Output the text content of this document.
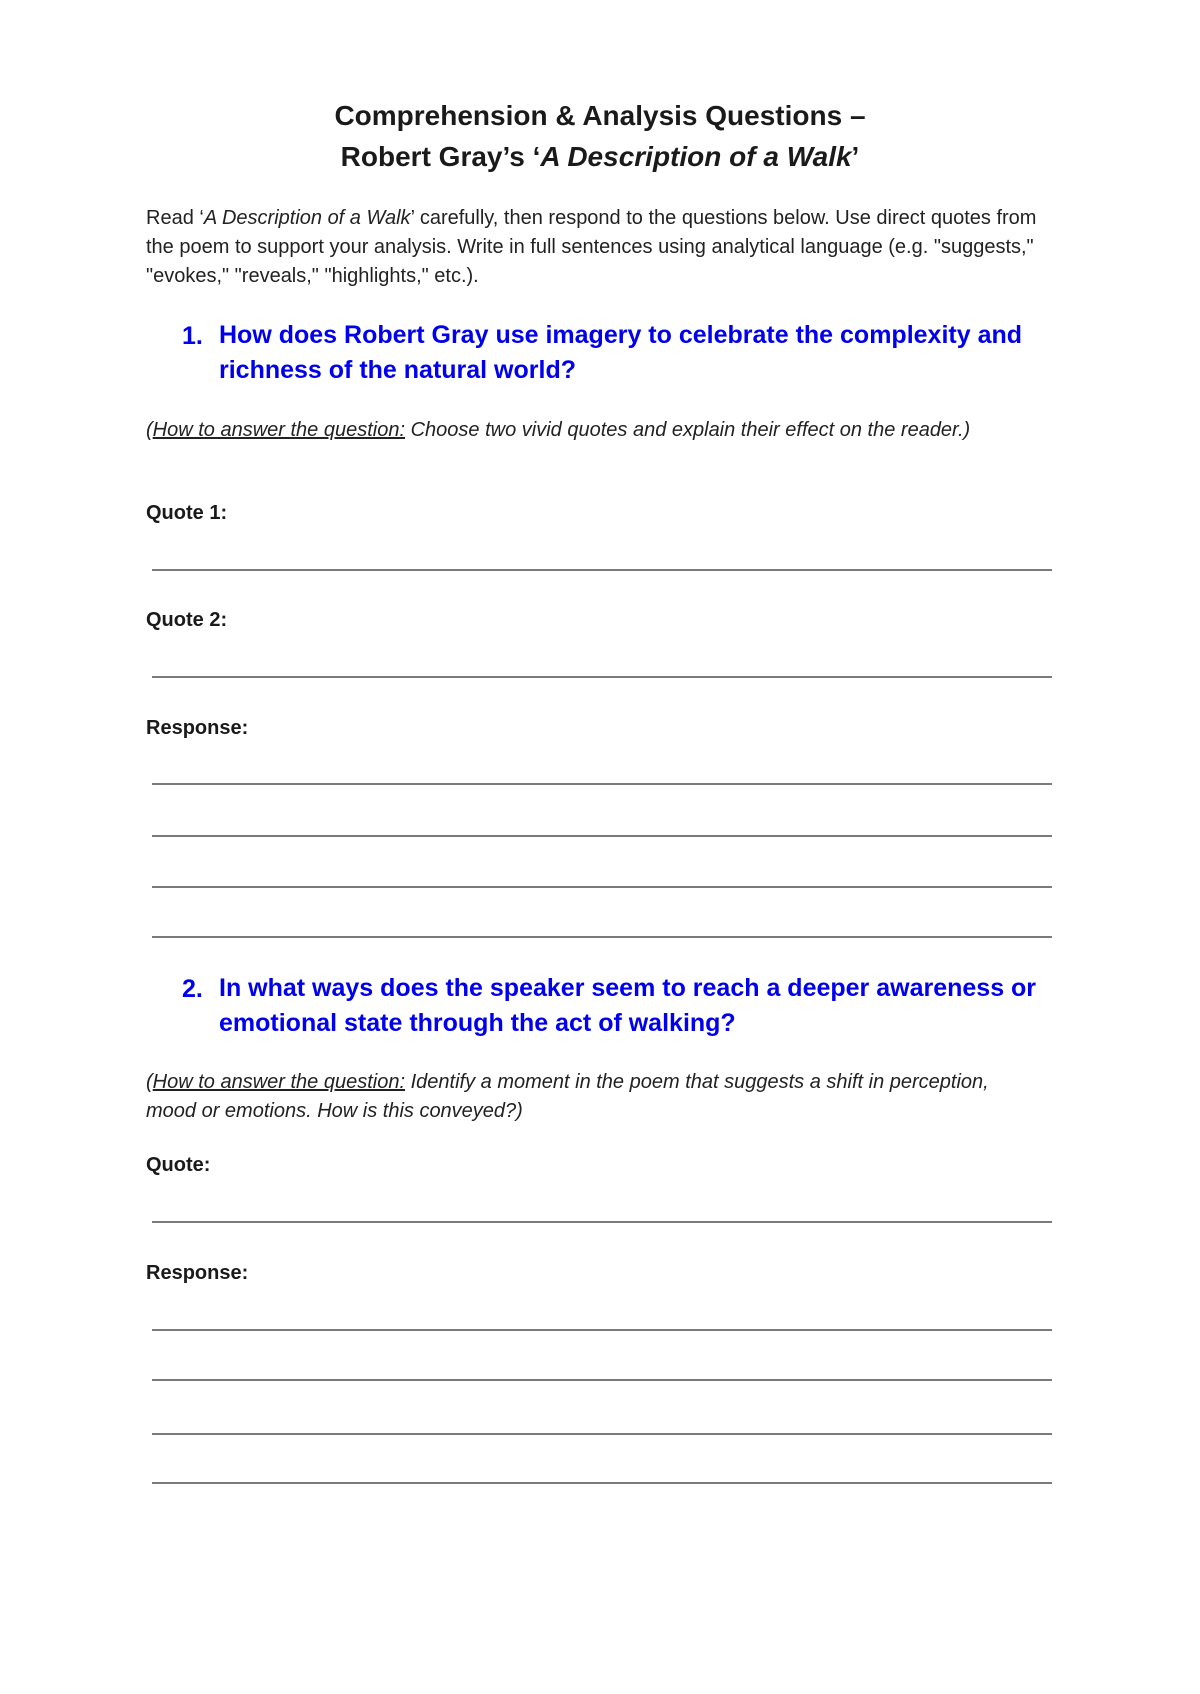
Comprehension & Analysis Questions –
Robert Gray’s ‘A Description of a Walk’
Read ‘A Description of a Walk’ carefully, then respond to the questions below. Use direct quotes from the poem to support your analysis. Write in full sentences using analytical language (e.g. "suggests," "evokes," "reveals," "highlights," etc.).
1. How does Robert Gray use imagery to celebrate the complexity and richness of the natural world?
(How to answer the question: Choose two vivid quotes and explain their effect on the reader.)
Quote 1:
Quote 2:
Response:
2. In what ways does the speaker seem to reach a deeper awareness or emotional state through the act of walking?
(How to answer the question: Identify a moment in the poem that suggests a shift in perception, mood or emotions. How is this conveyed?)
Quote:
Response:
